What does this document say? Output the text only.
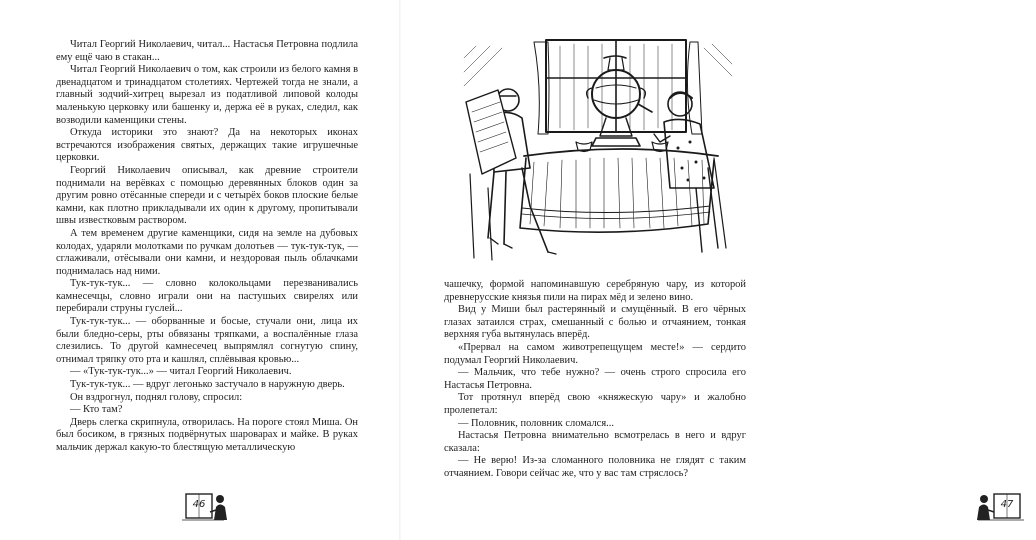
Читал Георгий Николаевич, читал... Настасья Петровна подлила ему ещё чаю в стакан...

Читал Георгий Николаевич о том, как строили из белого камня в двенадцатом и тринадцатом столетиях. Чертежей тогда не знали, а главный зодчий-хитрец вырезал из податливой липовой колоды маленькую церковку или башенку и, держа её в руках, следил, как возводили каменщики стены.

Откуда историки это знают? Да на некоторых иконах встречаются изображения святых, держащих такие игрушечные церковки.

Георгий Николаевич описывал, как древние строители поднимали на верёвках с помощью деревянных блоков один за другим ровно отёсанные спереди и с четырёх боков плоские белые камни, как плотно прикладывали их один к другому, пропитывали швы известковым раствором.

А тем временем другие каменщики, сидя на земле на дубовых колодах, ударяли молотками по ручкам долотьев — тук-тук-тук, — сглаживали, отёсывали они камни, и нездоровая пыль облачками поднималась над ними.

Тук-тук-тук... — словно колокольцами перезванивались камнесечцы, словно играли они на пастушьих свирелях или перебирали струны гуслей...

Тук-тук-тук... — оборванные и босые, стучали они, лица их были бледно-серы, рты обвязаны тряпками, а воспалённые глаза слезились. То другой камнесечец выпрямлял согнутую спину, отнимал тряпку ото рта и кашлял, сплёвывая кровью...

— «Тук-тук-тук...» — читал Георгий Николаевич.

Тук-тук-тук... — вдруг легонько застучало в наружную дверь.

Он вздрогнул, поднял голову, спросил:

— Кто там?

Дверь слегка скрипнула, отворилась. На пороге стоял Миша. Он был босиком, в грязных подвёрнутых шароварах и майке. В руках мальчик держал какую-то блестящую металлическую

46

чашечку, формой напоминавшую серебряную чару, из которой древнерусские князья пили на пирах мёд и зелено вино.

Вид у Миши был растерянный и смущённый. В его чёрных глазах затаился страх, смешанный с болью и отчаянием, тонкая верхняя губа вытянулась вперёд.

«Прервал на самом животрепещущем месте!» — сердито подумал Георгий Николаевич.

— Мальчик, что тебе нужно? — очень строго спросила его Настасья Петровна.

Тот протянул вперёд свою «княжескую чару» и жалобно пролепетал:

— Половник, половник сломался...

Настасья Петровна внимательно всмотрелась в него и вдруг сказала:

— Не верю! Из-за сломанного половника не глядят с таким отчаянием. Говори сейчас же, что у вас там стряслось?

47
